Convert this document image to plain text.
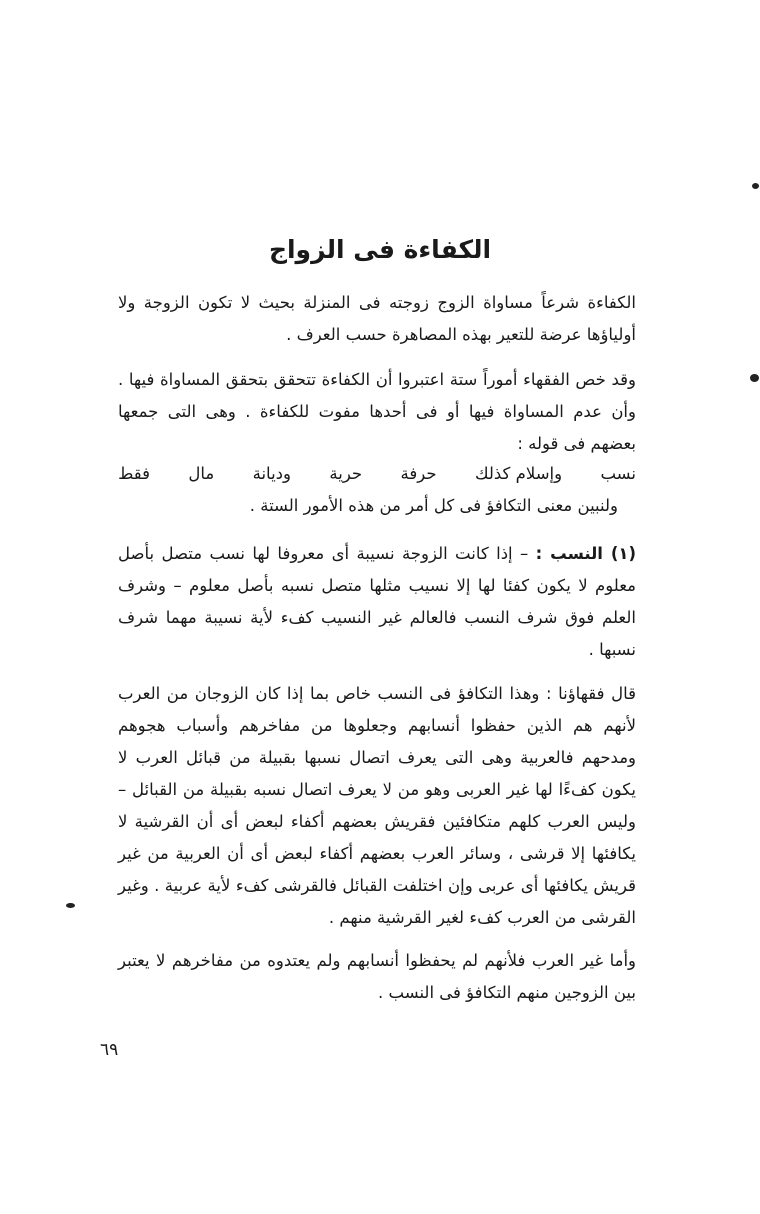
الكفاءة فى الزواج

الكفاءة شرعاً مساواة الزوج زوجته فى المنزلة بحيث لا تكون الزوجة ولا أولياؤها عرضة للتعير بهذه المصاهرة حسب العرف .

وقد خص الفقهاء أموراً ستة اعتبروا أن الكفاءة تتحقق بتحقق المساواة فيها . وأن عدم المساواة فيها أو فى أحدها مفوت للكفاءة . وهى التى جمعها بعضهم فى قوله :

نسب
وإسلام كذلك
حرفة
حرية
وديانة
مال
فقط
ولنبين معنى التكافؤ فى كل أمر من هذه الأمور الستة .

(١) النسب : – إذا كانت الزوجة نسيبة أى معروفا لها نسب متصل بأصل معلوم لا يكون كفئا لها إلا نسيب مثلها متصل نسبه بأصل معلوم – وشرف العلم فوق شرف النسب فالعالم غير النسيب كفء لأية نسيبة مهما شرف نسبها .

قال فقهاؤنا : وهذا التكافؤ فى النسب خاص بما إذا كان الزوجان من العرب لأنهم هم الذين حفظوا أنسابهم وجعلوها من مفاخرهم وأسباب هجوهم ومدحهم فالعربية وهى التى يعرف اتصال نسبها بقبيلة من قبائل العرب لا يكون كفءًا لها غير العربى وهو من لا يعرف اتصال نسبه بقبيلة من القبائل – وليس العرب كلهم متكافئين فقريش بعضهم أكفاء لبعض أى أن القرشية لا يكافئها إلا قرشى ، وسائر العرب بعضهم أكفاء لبعض أى أن العربية من غير قريش يكافئها أى عربى وإن اختلفت القبائل فالقرشى كفء لأية عربية . وغير القرشى من العرب كفء لغير القرشية منهم .

وأما غير العرب فلأنهم لم يحفظوا أنسابهم ولم يعتدوه من مفاخرهم لا يعتبر بين الزوجين منهم التكافؤ فى النسب .

٦٩
